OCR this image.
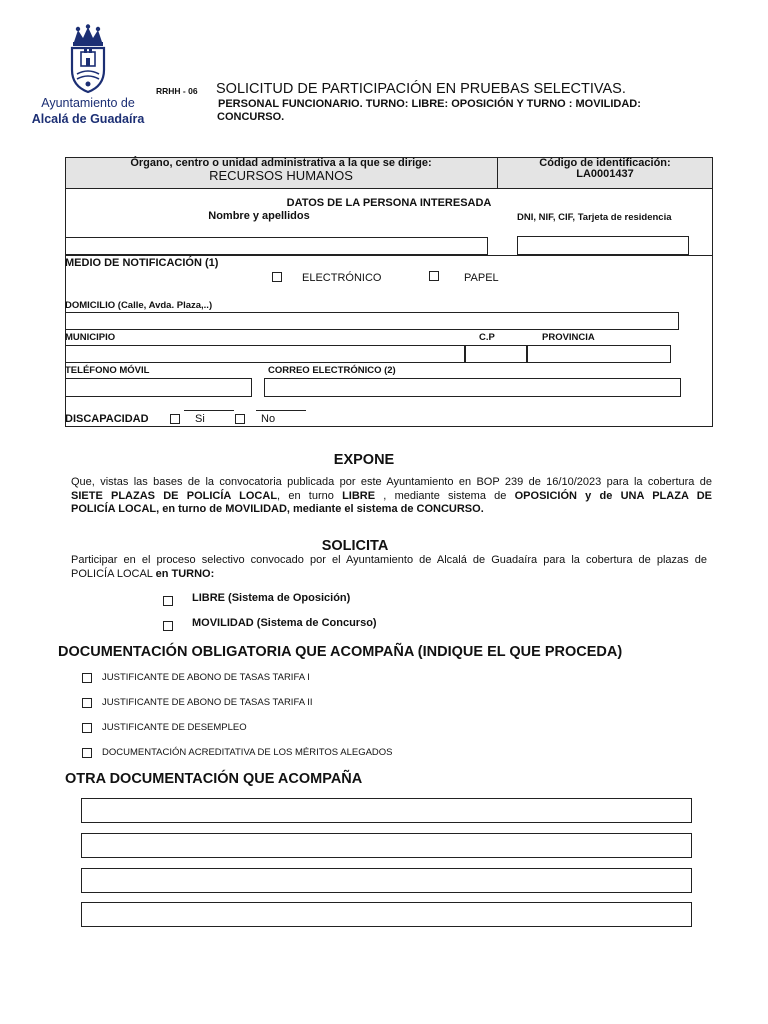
Ayuntamiento de
Alcalá de Guadaíra
RRHH - 06 SOLICITUD DE PARTICIPACIÓN EN PRUEBAS SELECTIVAS.
PERSONAL FUNCIONARIO. TURNO: LIBRE: OPOSICIÓN Y TURNO : MOVILIDAD:
CONCURSO.
Órgano, centro o unidad administrativa a la que se dirige:
RECURSOS HUMANOS
Código de identificación:
LA0001437
DATOS DE LA PERSONA INTERESADA
Nombre y apellidos	DNI, NIF, CIF, Tarjeta de residencia
MEDIO DE NOTIFICACIÓN (1)
ELECTRÓNICO	PAPEL
DOMICILIO (Calle, Avda. Plaza,..)
MUNICIPIO	C.P	PROVINCIA
TELÉFONO MÓVIL	CORREO ELECTRÓNICO (2)
DISCAPACIDAD	Si	No
EXPONE
Que, vistas las bases de la convocatoria publicada por este Ayuntamiento en BOP 239 de 16/10/2023 para la cobertura de
SIETE PLAZAS DE POLICÍA LOCAL, en turno LIBRE , mediante sistema de OPOSICIÓN y de UNA PLAZA DE
POLICÍA LOCAL, en turno de MOVILIDAD, mediante el sistema de CONCURSO.
SOLICITA
Participar en el proceso selectivo convocado por el Ayuntamiento de Alcalá de Guadaíra para la cobertura de plazas de
POLICÍA LOCAL en TURNO:
LIBRE (Sistema de Oposición)
MOVILIDAD (Sistema de Concurso)
DOCUMENTACIÓN OBLIGATORIA QUE ACOMPAÑA (INDIQUE EL QUE PROCEDA)
JUSTIFICANTE DE ABONO DE TASAS TARIFA I
JUSTIFICANTE DE ABONO DE TASAS TARIFA II
JUSTIFICANTE DE DESEMPLEO
DOCUMENTACIÓN ACREDITATIVA DE LOS MÉRITOS ALEGADOS
OTRA DOCUMENTACIÓN QUE ACOMPAÑA
